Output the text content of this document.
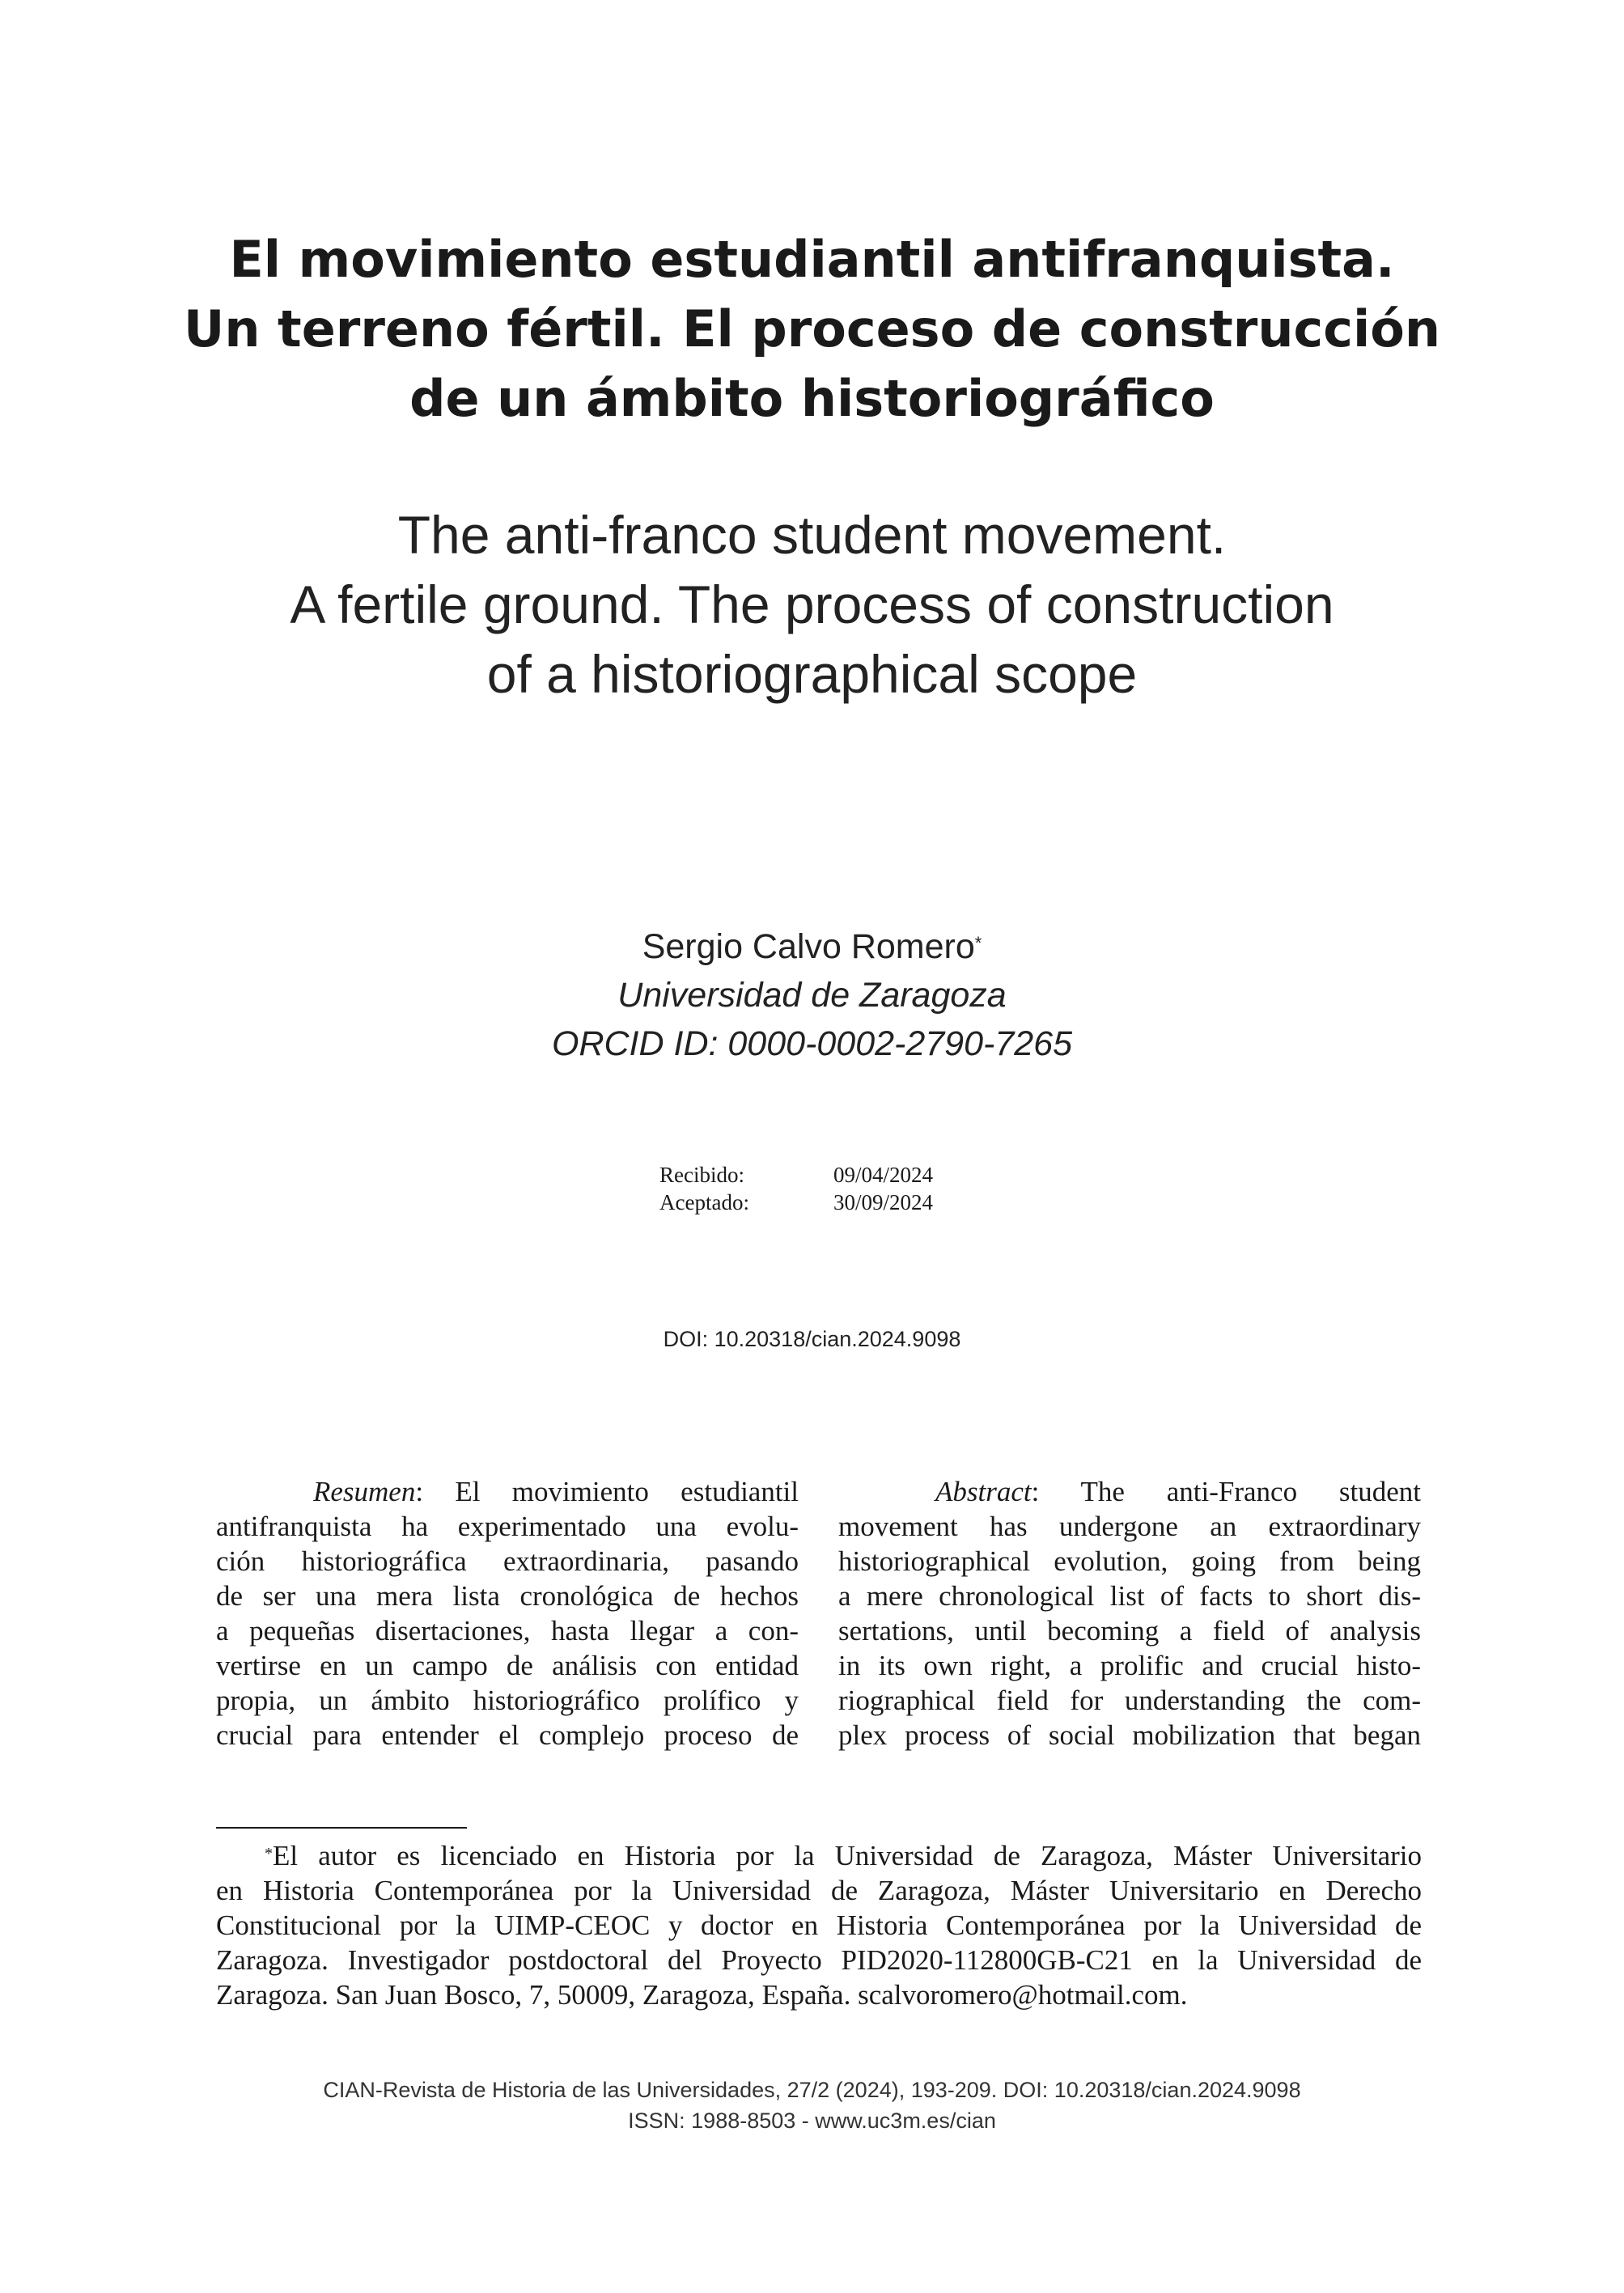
El movimiento estudiantil antifranquista.
Un terreno fértil. El proceso de construcción
de un ámbito historiográfico
The anti-franco student movement.
A fertile ground. The process of construction
of a historiographical scope
Sergio Calvo Romero*
Universidad de Zaragoza
ORCID ID: 0000-0002-2790-7265
Recibido:	09/04/2024
Aceptado:	30/09/2024
DOI: 10.20318/cian.2024.9098
Resumen: El movimiento estudiantil
antifranquista ha experimentado una evolu-
ción historiográfica extraordinaria, pasando
de ser una mera lista cronológica de hechos
a pequeñas disertaciones, hasta llegar a con-
vertirse en un campo de análisis con entidad
propia, un ámbito historiográfico prolífico y
crucial para entender el complejo proceso de
Abstract: The anti-Franco student
movement has undergone an extraordinary
historiographical evolution, going from being
a mere chronological list of facts to short dis-
sertations, until becoming a field of analysis
in its own right, a prolific and crucial histo-
riographical field for understanding the com-
plex process of social mobilization that began
*El autor es licenciado en Historia por la Universidad de Zaragoza, Máster Universitario
en Historia Contemporánea por la Universidad de Zaragoza, Máster Universitario en Derecho
Constitucional por la UIMP-CEOC y doctor en Historia Contemporánea por la Universidad de
Zaragoza. Investigador postdoctoral del Proyecto PID2020-112800GB-C21 en la Universidad de
Zaragoza. San Juan Bosco, 7, 50009, Zaragoza, España. scalvoromero@hotmail.com.
CIAN-Revista de Historia de las Universidades, 27/2 (2024), 193-209. DOI: 10.20318/cian.2024.9098
ISSN: 1988-8503 - www.uc3m.es/cian
